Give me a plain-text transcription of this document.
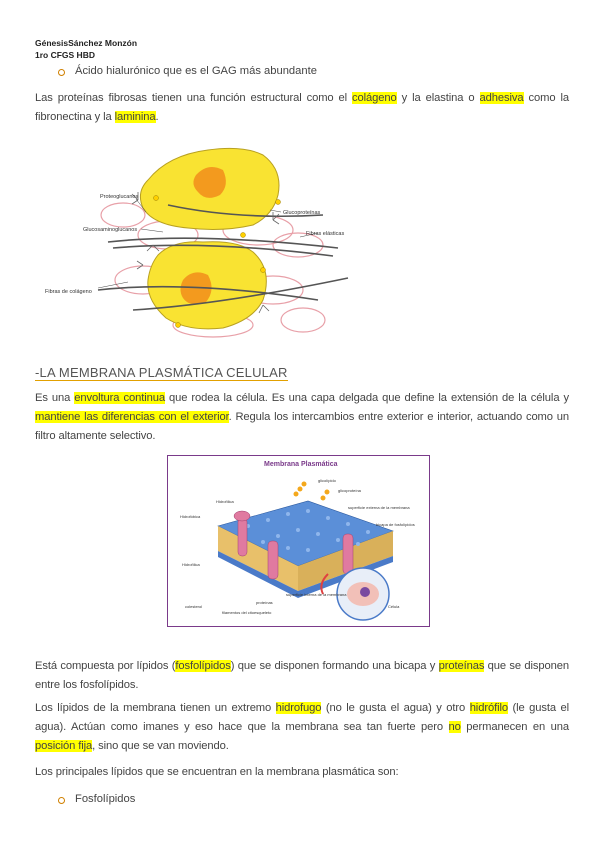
GénesisSánchez Monzón
1ro CFGS HBD
Ácido hialurónico que es el GAG más abundante
Las proteínas fibrosas tienen una función estructural como el colágeno y la elastina o adhesiva como la fibronectina y la laminina.
Proteoglucanos
Glucoproteínas
Glucosaminoglucanos
Fibras elásticas
Fibras de colágeno
-LA MEMBRANA PLASMÁTICA CELULAR
Es una envoltura continua que rodea la célula. Es una capa delgada que define la extensión de la célula y mantiene las diferencias con el exterior. Regula los intercambios entre exterior e interior, actuando como un filtro altamente selectivo.
Membrana Plasmática
glicolípido
glicoproteína
Hidrofílica
Hidrofóbica
superficie externa de la membrana
bicapa de fosfolípidos
Hidrofílica
colesterol
filamentos del citoesqueleto
proteínas
superficie interna de la membrana
Célula
Está compuesta por lípidos (fosfolípidos) que se disponen formando una bicapa y proteínas que se disponen entre los fosfolípidos.
Los lípidos de la membrana tienen un extremo hidrofugo (no le gusta el agua) y otro hidrófilo (le gusta el agua). Actúan como imanes y eso hace que la membrana sea tan fuerte pero no permanecen en una posición fija, sino que se van moviendo.
Los principales lípidos que se encuentran en la membrana plasmática son:
Fosfolípidos
